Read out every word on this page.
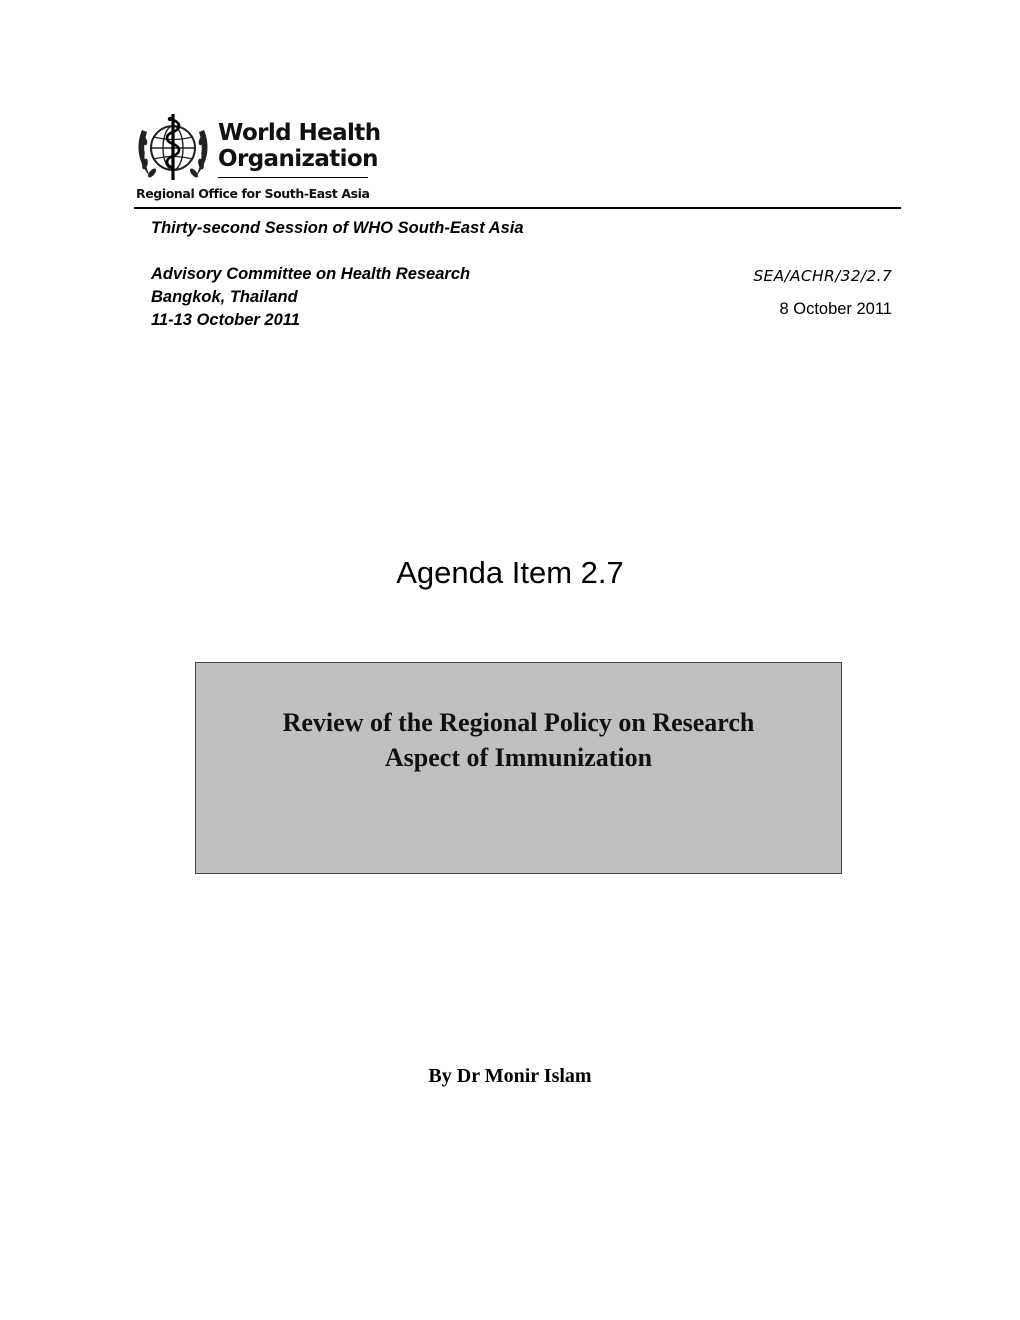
World Health
Organization
Regional Office for South-East Asia
Thirty-second Session of WHO South-East Asia
Advisory Committee on Health Research
Bangkok, Thailand
11-13 October 2011
SEA/ACHR/32/2.7
8 October 2011
Agenda Item 2.7
Review of the Regional Policy on Research
Aspect of Immunization
By Dr Monir Islam
